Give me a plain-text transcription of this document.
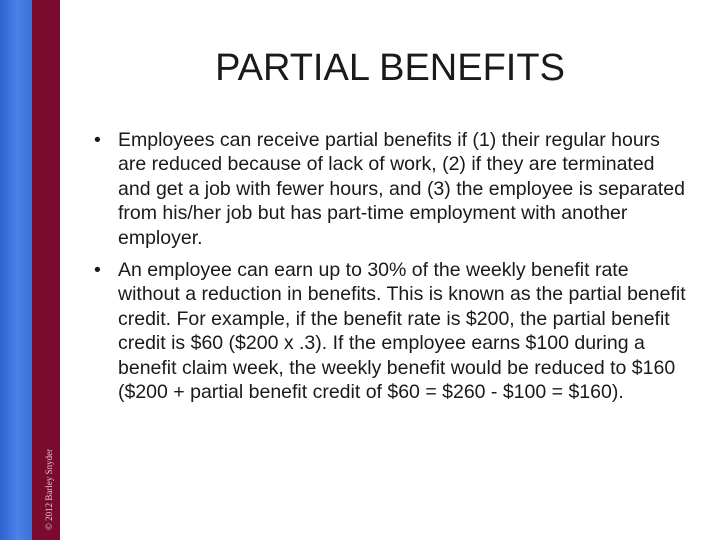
© 2012 Barley Snyder
PARTIAL BENEFITS
• Employees can receive partial benefits if (1) their regular hours are reduced because of lack of work, (2) if they are terminated and get a job with fewer hours, and (3) the employee is separated from his/her job but has part-time employment with another employer.
• An employee can earn up to 30% of the weekly benefit rate without a reduction in benefits. This is known as the partial benefit credit. For example, if the benefit rate is $200, the partial benefit credit is $60 ($200 x .3). If the employee earns $100 during a benefit claim week, the weekly benefit would be reduced to $160 ($200 + partial benefit credit of $60 = $260 - $100 = $160).
